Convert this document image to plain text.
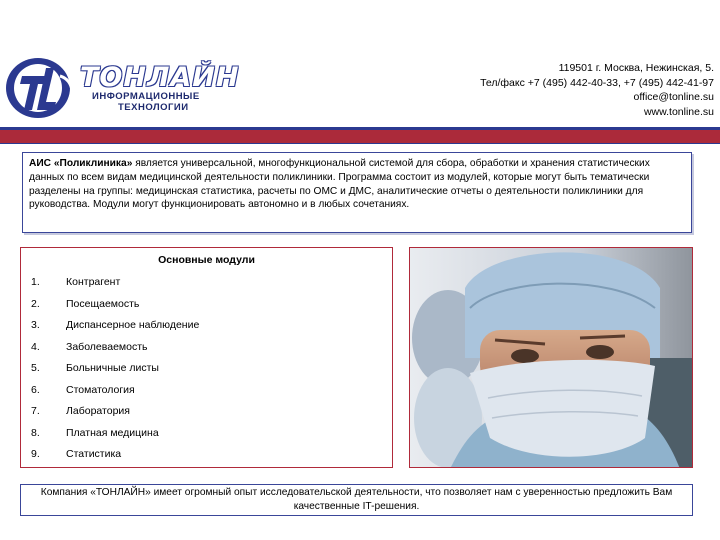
ТОНЛАЙН
ИНФОРМАЦИОННЫЕ
ТЕХНОЛОГИИ
119501 г. Москва, Нежинская, 5.
Тел/факс +7 (495) 442-40-33, +7 (495) 442-41-97
office@tonline.su
www.tonline.su
АИС «Поликлиника» является универсальной, многофункциональной системой для сбора, обработки и хранения статистических данных по всем видам медицинской деятельности поликлиники. Программа состоит из модулей, которые могут быть тематически разделены на группы: медицинская статистика, расчеты по ОМС и ДМС, аналитические отчеты о деятельности поликлиники для руководства. Модули могут функционировать автономно и в любых сочетаниях.
Основные модули
1. Контрагент
2. Посещаемость
3. Диспансерное наблюдение
4. Заболеваемость
5. Больничные листы
6. Стоматология
7. Лаборатория
8. Платная медицина
9. Статистика
Компания «ТОНЛАЙН» имеет огромный опыт исследовательской деятельности, что позволяет нам с уверенностью предложить Вам качественные IT-решения.
